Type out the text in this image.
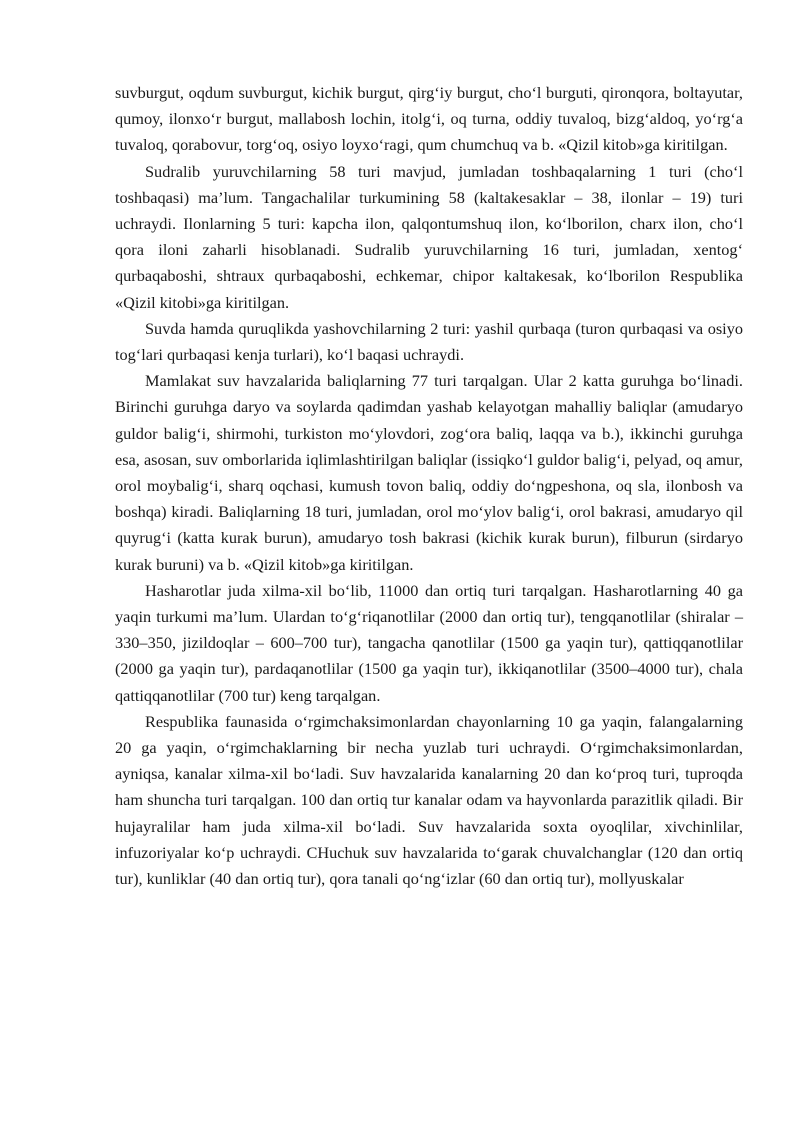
suvburgut, oqdum suvburgut, kichik burgut, qirg‘iy burgut, cho‘l burguti, qironqora, boltayutar, qumoy, ilonxo‘r burgut, mallabosh lochin, itolg‘i, oq turna, oddiy tuvaloq, bizg‘aldoq, yo‘rg‘a tuvaloq, qorabovur, torg‘oq, osiyo loyxo‘ragi, qum chumchuq va b. «Qizil kitob»ga kiritilgan.

Sudralib yuruvchilarning 58 turi mavjud, jumladan toshbaqalarning 1 turi (cho‘l toshbaqasi) ma’lum. Tangachalilar turkumining 58 (kaltakesaklar – 38, ilonlar – 19) turi uchraydi. Ilonlarning 5 turi: kapcha ilon, qalqontumshuq ilon, ko‘lborilon, charx ilon, cho‘l qora iloni zaharli hisoblanadi. Sudralib yuruvchilarning 16 turi, jumladan, xentog‘ qurbaqaboshi, shtraux qurbaqaboshi, echkemar, chipor kaltakesak, ko‘lborilon Respublika «Qizil kitobi»ga kiritilgan.

Suvda hamda quruqlikda yashovchilarning 2 turi: yashil qurbaqa (turon qurbaqasi va osiyo tog‘lari qurbaqasi kenja turlari), ko‘l baqasi uchraydi.

Mamlakat suv havzalarida baliqlarning 77 turi tarqalgan. Ular 2 katta guruhga bo‘linadi. Birinchi guruhga daryo va soylarda qadimdan yashab kelayotgan mahalliy baliqlar (amudaryo guldor balig‘i, shirmohi, turkiston mo‘ylovdori, zog‘ora baliq, laqqa va b.), ikkinchi guruhga esa, asosan, suv omborlarida iqlimlashtirilgan baliqlar (issiqko‘l guldor balig‘i, pelyad, oq amur, orol moybalig‘i, sharq oqchasi, kumush tovon baliq, oddiy do‘ngpeshona, oq sla, ilonbosh va boshqa) kiradi. Baliqlarning 18 turi, jumladan, orol mo‘ylov balig‘i, orol bakrasi, amudaryo qil quyrug‘i (katta kurak burun), amudaryo tosh bakrasi (kichik kurak burun), filburun (sirdaryo kurak buruni) va b. «Qizil kitob»ga kiritilgan.

Hasharotlar juda xilma-xil bo‘lib, 11000 dan ortiq turi tarqalgan. Hasharotlarning 40 ga yaqin turkumi ma’lum. Ulardan to‘g‘riqanotlilar (2000 dan ortiq tur), tengqanotlilar (shiralar – 330–350, jizildoqlar – 600–700 tur), tangacha qanotlilar (1500 ga yaqin tur), qattiqqanotlilar (2000 ga yaqin tur), pardaqanotlilar (1500 ga yaqin tur), ikkiqanotlilar (3500–4000 tur), chala qattiqqanotlilar (700 tur) keng tarqalgan.

Respublika faunasida o‘rgimchaksimonlardan chayonlarning 10 ga yaqin, falangalarning 20 ga yaqin, o‘rgimchaklarning bir necha yuzlab turi uchraydi. O‘rgimchaksimonlardan, ayniqsa, kanalar xilma-xil bo‘ladi. Suv havzalarida kanalarning 20 dan ko‘proq turi, tuproqda ham shuncha turi tarqalgan. 100 dan ortiq tur kanalar odam va hayvonlarda parazitlik qiladi. Bir hujayralilar ham juda xilma-xil bo‘ladi. Suv havzalarida soxta oyoqlilar, xivchinlilar, infuzoriyalar ko‘p uchraydi. CHuchuk suv havzalarida to‘garak chuvalchanglar (120 dan ortiq tur), kunliklar (40 dan ortiq tur), qora tanali qo‘ng‘izlar (60 dan ortiq tur), mollyuskalar
